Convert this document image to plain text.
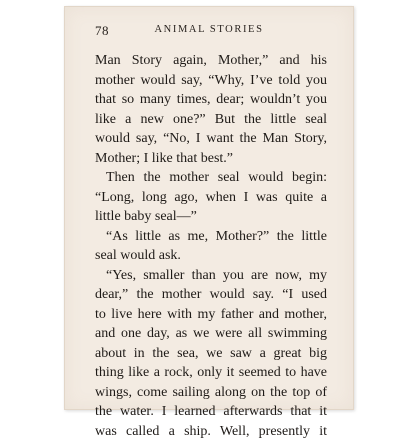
78	ANIMAL STORIES
Man Story again, Mother,” and his
mother would say, “Why, I’ve told you
that so many times, dear; wouldn’t you
like a new one?” But the little seal
would say, “No, I want the Man Story,
Mother; I like that best.”
Then the mother seal would begin:
“Long, long ago, when I was quite a
little baby seal—”
“As little as me, Mother?” the little
seal would ask.
“Yes, smaller than you are now, my
dear,” the mother would say. “I used
to live here with my father and mother,
and one day, as we were all swimming
about in the sea, we saw a great big
thing like a rock, only it seemed to have
wings, come sailing along on the top of
the water. I learned afterwards that it
was called a ship. Well, presently it
